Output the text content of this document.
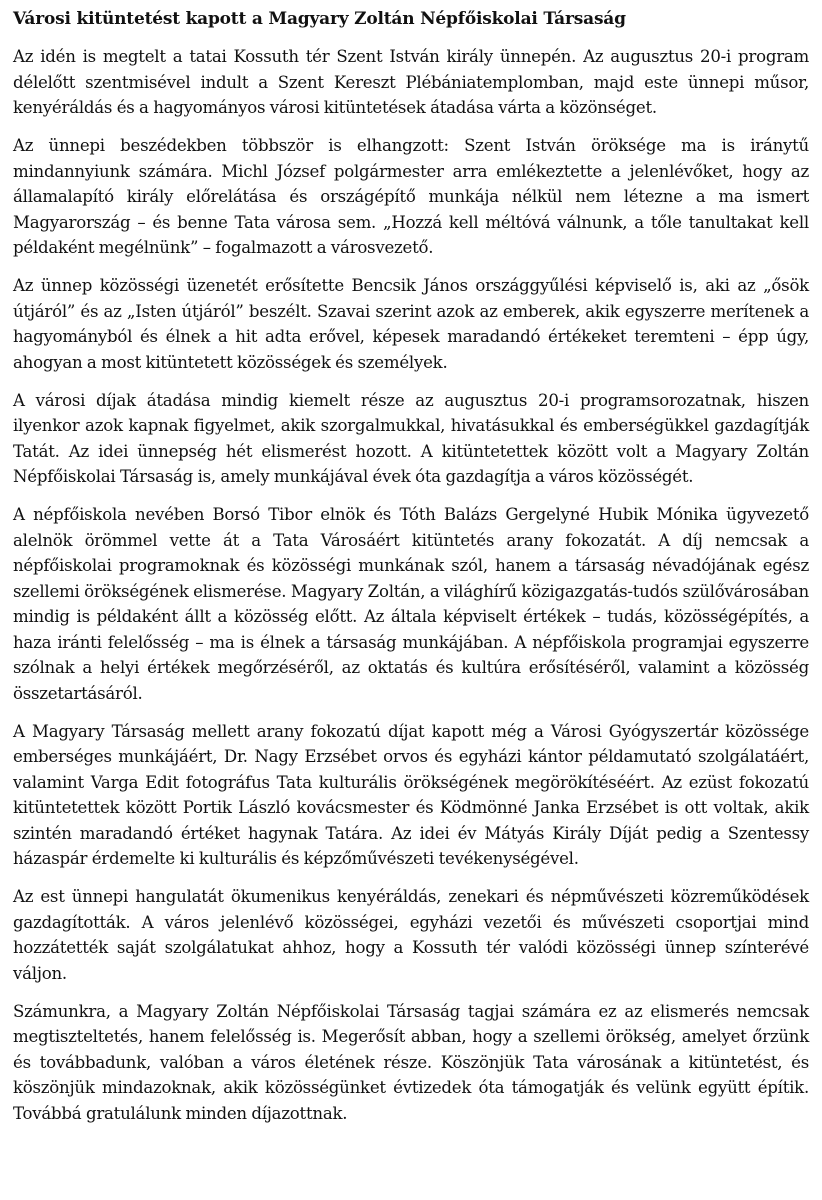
Városi kitüntetést kapott a Magyary Zoltán Népfőiskolai Társaság

Az idén is megtelt a tatai Kossuth tér Szent István király ünnepén. Az augusztus 20-i program délelőtt szentmisével indult a Szent Kereszt Plébániatemplomban, majd este ünnepi műsor, kenyéráldás és a hagyományos városi kitüntetések átadása várta a közönséget.

Az ünnepi beszédekben többször is elhangzott: Szent István öröksége ma is iránytű mindannyiunk számára. Michl József polgármester arra emlékeztette a jelenlévőket, hogy az államalapító király előrelátása és országépítő munkája nélkül nem létezne a ma ismert Magyarország – és benne Tata városa sem. „Hozzá kell méltóvá válnunk, a tőle tanultakat kell példaként megélnünk” – fogalmazott a városvezető.

Az ünnep közösségi üzenetét erősítette Bencsik János országgyűlési képviselő is, aki az „ősök útjáról” és az „Isten útjáról” beszélt. Szavai szerint azok az emberek, akik egyszerre merítenek a hagyományból és élnek a hit adta erővel, képesek maradandó értékeket teremteni – épp úgy, ahogyan a most kitüntetett közösségek és személyek.

A városi díjak átadása mindig kiemelt része az augusztus 20-i programsorozatnak, hiszen ilyenkor azok kapnak figyelmet, akik szorgalmukkal, hivatásukkal és emberségükkel gazdagítják Tatát. Az idei ünnepség hét elismerést hozott. A kitüntetettek között volt a Magyary Zoltán Népfőiskolai Társaság is, amely munkájával évek óta gazdagítja a város közösségét.

A népfőiskola nevében Borsó Tibor elnök és Tóth Balázs Gergelyné Hubik Mónika ügyvezető alelnök örömmel vette át a Tata Városáért kitüntetés arany fokozatát. A díj nemcsak a népfőiskolai programoknak és közösségi munkának szól, hanem a társaság névadójának egész szellemi örökségének elismerése. Magyary Zoltán, a világhírű közigazgatás-tudós szülővárosában mindig is példaként állt a közösség előtt. Az általa képviselt értékek – tudás, közösségépítés, a haza iránti felelősség – ma is élnek a társaság munkájában. A népfőiskola programjai egyszerre szólnak a helyi értékek megőrzéséről, az oktatás és kultúra erősítéséről, valamint a közösség összetartásáról.

A Magyary Társaság mellett arany fokozatú díjat kapott még a Városi Gyógyszertár közössége emberséges munkájáért, Dr. Nagy Erzsébet orvos és egyházi kántor példamutató szolgálatáért, valamint Varga Edit fotográfus Tata kulturális örökségének megörökítéséért. Az ezüst fokozatú kitüntetettek között Portik László kovácsmester és Ködmönné Janka Erzsébet is ott voltak, akik szintén maradandó értéket hagynak Tatára. Az idei év Mátyás Király Díját pedig a Szentessy házaspár érdemelte ki kulturális és képzőművészeti tevékenységével.

Az est ünnepi hangulatát ökumenikus kenyéráldás, zenekari és népművészeti közreműködések gazdagították. A város jelenlévő közösségei, egyházi vezetői és művészeti csoportjai mind hozzátették saját szolgálatukat ahhoz, hogy a Kossuth tér valódi közösségi ünnep színterévé váljon.

Számunkra, a Magyary Zoltán Népfőiskolai Társaság tagjai számára ez az elismerés nemcsak megtiszteltetés, hanem felelősség is. Megerősít abban, hogy a szellemi örökség, amelyet őrzünk és továbbadunk, valóban a város életének része. Köszönjük Tata városának a kitüntetést, és köszönjük mindazoknak, akik közösségünket évtizedek óta támogatják és velünk együtt építik. Továbbá gratulálunk minden díjazottnak.
